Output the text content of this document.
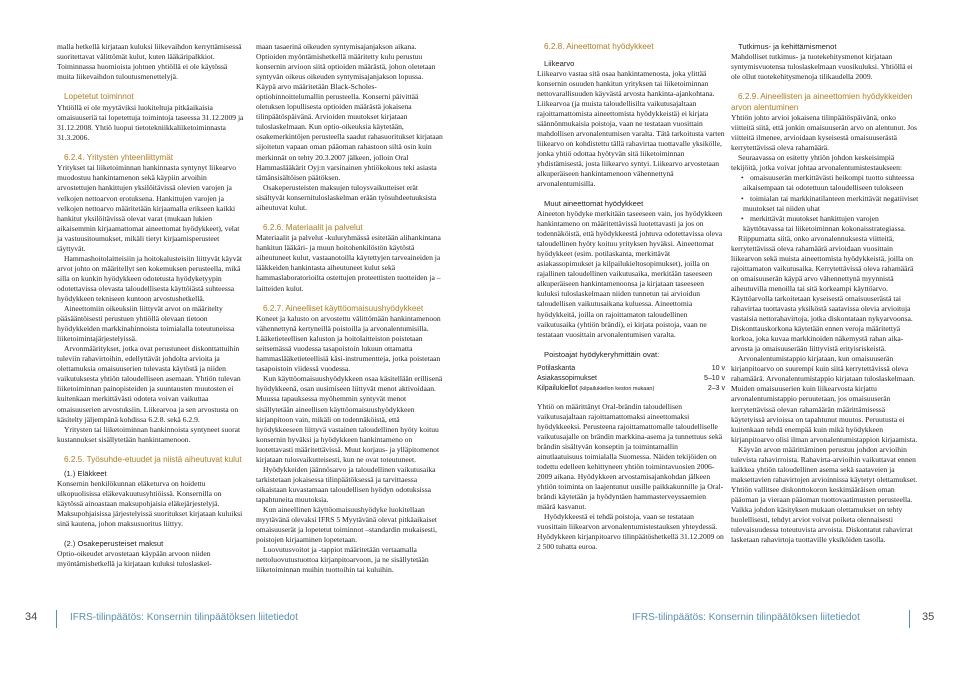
malla hetkellä kirjataan kuluksi liikevaihdon kerryttämisessä suoritettavat välittömät kulut, kuten lääkäripalkkiot. Toiminnassa huomioista johtuen yhtiöllä ei ole käytössä muita liikevaihdon tuloutusmenettelyjä.

Lopetetut toiminnot

Yhtiöllä ei ole myytäviksi luokiteltuja pitkäaikaisia omaisuuseriä tai lopetettuja toimintoja taseessa 31.12.2009 ja 31.12.2008. Yhtiö luopui tietotekniikkaliiketoiminnasta 31.3.2006.

6.2.4. Yritysten yhteenliittymät

Yritykset tai liiketoiminnan hankinnasta syntynyt liikearvo muodostuu hankintamenon sekä käypiin arvoihin arvostettujen hankittujen yksilöitävissä olevien varojen ja velkojen nettoarvon erotuksena. Hankittujen varojen ja velkojen nettoarvo määritetään kirjaamalla erikseen kaikki hankitut yksilöitävissä olevat varat (mukaan lukien aikaisemmin kirjaamattomat aineettomat hyödykkeet), velat ja vastuusitoumukset, mikäli tietyt kirjaamisperusteet täyttyvät.

Hammashoitolaitteisiin ja hoitokalusteisiin liittyvät käyvät arvot johto on määritellyt sen kokemuksen perusteella, mikä silla on kunkin hyödykkeen odotetusta hyödyketyypin odotettavissa olevasta taloudellisesta käyttöiästä suhteessa hyödykkeen tekniseen kuntoon arvostushetkellä.

Aineettomiin oikeuksiin liittyvät arvot on määritelty pääsääntöisesti perustuen yhtiöllä olevaan tietoon hyödykkeiden markkinahinnoista toimialalla toteutuneissa liiketoimintajärjestelyissä.

Arvonmääritykset, jotka ovat perustuneet diskonttattuihin tuleviin rahavirtoihin, edellyttävät johdolta arvioita ja olettamuksia omaisuuserien tulevasta käytöstä ja niiden vaikutuksesta yhtiön taloudelliseen asemaan. Yhtiön tulevan liiketoiminnan painopisteiden ja suuntausten muutosten ei kuitenkaan merkittävästi odoteta voivan vaikuttaa omaisuuserien arvostuksiin. Liikearvoa ja sen arvostusta on käsitelty jäljempänä kohdissa 6.2.8. sekä 6.2.9.

Yritysten tai liiketoiminnan hankinnoista syntyneet suorat kustannukset sisällytetään hankintamenoon.

6.2.5. Työsuhde-etuudet ja niistä aiheutuvat kulut

(1.) Eläkkeet

Konsernin henkilökunnan eläketurva on hoidettu ulkopuolisissa eläkevakuutusyhtiöissä. Konsernilla on käytössä ainoastaan maksupohjaisia eläkejärjestelyjä. Maksupohjaisissa järjestelyissä suoritukset kirjataan kuluiksi sinä kautena, johon maksusuoritus liittyy.

(2.) Osakeperusteiset maksut

Optio-oikeudet arvostetaan käypään arvoon niiden myöntämishetkellä ja kirjataan kuluksi tuloslaskel-

maan tasaerinä oikeuden syntymisajanjakson aikana. Optioiden myöntämishetkellä määritetty kulu perustuu konsernin arvioon siitä optioiden määrästä, johon oletetaan syntyvän oikeus oikeuden syntymisajanjakson lopussa. Käypä arvo määritetään Black-Scholes-optiohinnoittelumallin perusteella. Konserni päivittää oletuksen lopullisesta optioiden määrästä jokaisena tilinpäätöspäivänä. Arvioiden muutokset kirjataan tuloslaskelmaan. Kun optio-oikeuksia käytetään, osakemerkintöjen perusteella saadut rahasuoritukset kirjataan sijoitetun vapaan oman pääoman rahastoon siltä osin kuin merkinnät on tehty 20.3.2007 jälkeen, jolloin Oral Hammaslääkärit Oyj:n varsinainen yhtiökokous teki asiasta tämänsisältöisen päätöksen.

Osakeperusteisten maksujen tuloysvaikutteiset erät sisältyvät konsernituloslaskelman erään työsuhdeetuuksista aiheutuvat kulut.

6.2.6. Materiaalit ja palvelut

Materiaalit ja palvelut -kuluryhmässä esitetään alihankintana hankitun lääkäri- ja muun hoitohenkilöstön käytöstä aiheutuneet kulut, vastaanotoilla käytettyjen tarveaineiden ja lääkkeiden hankintasta aiheutuneet kulut sekä hammaslaboratorioilta ostettujen proteettisten tuotteiden ja –laitteiden kulut.

6.2.7. Aineelliset käyttöomaisuushyödykkeet

Koneet ja kalusto on arvostettu välittömään hankintamenoon vähennettynä kertyneillä poistoilla ja arvonalentumisilla. Lääketieteellisen kaluston ja hoitolaitteiston poistetaan seitsemässä vuodessa tasapoistoin lukuun ottamatta hammaslääketieteellisiä käsi-instrumentteja, jotka poistetaan tasapoistoin viidessä vuodessa.

Kun käyttöomaisuushyödykkeen osaa käsitellään erillisenä hyödykkeenä, osan uusimiseen liittyvät menot aktivoidaan. Muussa tapauksessa myöhemmin syntyvät menot sisällytetään aineellisen käyttöomaisuushyödykkeen kirjanpitoon vain, mikäli on todennäköistä, että hyödykkeeseen liittyvä vastainen taloudellinen hyöty koituu konsernin hyväksi ja hyödykkeen hankintameno on luotettavasti määritettävissä. Muut korjaus- ja ylläpitomenot kirjataan tulosvaikutteisesti, kun ne ovat toteutuneet.

Hyödykkeiden jäännösarvo ja taloudellinen vaikutusaika tarkistetaan jokaisessa tilinpäätöksessä ja tarvittaessa oikaistaan kuvastamaan taloudellisen hyödyn odotuksissa tapahtuneita muutoksia.

Kun aineellinen käyttöomaisuushyödyke luokitellaan myytävänä olevaksi IFRS 5 Myytävänä olevat pitkäaikaiset omaisuuserät ja lopetetut toiminnot –standardin mukaisesti, poistojen kirjaaminen lopetetaan.

Luovutusvoitot ja -tappiot määritetään vertaamalla nettoluovutustuottoa kirjanpitoarvoon, ja ne sisällytetään liiketoiminnan muihin tuottoihin tai kuluihin.

6.2.8. Aineettomat hyödykkeet

Liikearvo

Liikearvo vastaa sitä osaa hankintamenosta, joka ylittää konsernin osuuden hankitun yrityksen tai liiketoiminnan nettovarallisuuden käyvästä arvosta hankinta-ajankohtana. Liikearvoa (ja muista taloudellisilta vaikutusajaltaan rajoittamattomista aineettomista hyödykkeistä) ei kirjata säännönmukaisia poistoja, vaan ne testataan vuosittain mahdollisen arvonalentumisen varalta. Tätä tarkoitusta varten liikearvo on kohdistettu tällä rahavirtaa tuottavalle yksikölle, jonka yhtiö odottaa hyötyvän sitä liiketoiminnan yhdistämisestä, josta liikearvo syntyi. Liikearvo arvostetaan alkuperäiseen hankintamenoon vähennettynä arvonalentumisilla.

Muut aineettomat hyödykkeet

Aineeton hyödyke merkitään taseeseen vain, jos hyödykkeen hankintameno on määritettävissä luotettavasti ja jos on todennäköistä, että hyödykkeestä johtuva odotettavissa oleva taloudellinen hyöty koituu yrityksen hyväksi. Aineettomat hyödykkeet (esim. potilaskanta, merkittävät asiakassopimukset ja kilpailukieltosopimukset), joilla on rajallinen taloudellinen vaikutusaika, merkitään taseeseen alkuperäiseen hankintamenoonsa ja kirjataan taseeseen kuluksi tuloslaskelmaan niiden tunnetun tai arvioidun taloudellisen vaikutusaikana kuluessa. Aineettomia hyödykkeitä, joilla on rajoittamaton taloudellinen vaikutusaika (yhtiön brändi), ei kirjata poistoja, vaan ne testataan vuosittain arvonalentumisen varalta.

Poistoajat hyödykeryhmittäin ovat:

Potilaskanta	10 v
Asiakassopimukset	5–10 v
Kilpailukiellot (kilpailukiellon keston mukaan)	2–3 v

Yhtiö on määrittänyt Oral-brändin taloudellisen vaikutusajaltaan rajoittamattomaksi aineettomaksi hyödykkeeksi. Perusteena rajoittamattomalle taloudelliselle vaikutusajalle on brändin markkina-asema ja tunnettuus sekä brändin sisältyvän konseptin ja toimintamallin ainutlaatuisuus toimialalla Suomessa. Näiden tekijöiden on todettu edelleen kehittyneen yhtiön toimintavuosien 2006-2009 aikana. Hyödykkeen arvostamisajankohdan jälkeen yhtiön toiminta on laajentunut uusille paikkakunnille ja Oral-brändi käytetään ja hyödyntäen hammasterveyssaemien määrä kasvanut.

Hyödykkeestä ei tehdä poistoja, vaan se testataan vuosittain liikearvon arvonalentumistestauksen yhteydessä. Hyödykkeen kirjanpitoarvo tilinpäätöshetkellä 31.12.2009 on 2 500 tuhatta euroa.

Tutkimus- ja kehittämismenot

Mahdolliset tutkimus- ja tuotekehitysmenot kirjataan syntymisvuotensa tuloslaskelmaan vuosikuluksi. Yhtiöllä ei ole ollut tuotekehitysmenoja tilikaudella 2009.

6.2.9. Aineellisten ja aineettomien hyödykkeiden arvon alentuminen

Yhtiön johto arvioi jokaisena tilinpäätöspäivänä, onko viitteitä siitä, että jonkin omaisuuserän arvo on alentunut. Jos viitteitä ilmenee, arvioidaan kyseisestä omaisuuserästä kerrytettävissä oleva rahamäärä.

Seuraavassa on esitetty yhtiön johdon keskeisimpiä tekijöitä, jotka voivat johtaa arvonalentumistestaukseen:

• omaisuuserän merkittävästi heikompi tuotto suhteessa aikaisempaan tai odotettuun taloudelliseen tulokseen

• toimialan tai markkinatilanteen merkittävät negatiiviset muutokset tai niiden uhat

• merkittävät muutokset hankittujen varojen käyttötavassa tai liiketoiminnan kokonaisstrategiassa.

Riippumatta siitä, onko arvonalennuksesta viitteitä, kerrytettävissä oleva rahamäärä arvioidaan vuosittain liikearvon sekä muista aineettomista hyödykkeistä, joilla on rajoittamaton vaikutusaika. Kerrytettävissä oleva rahamäärä on omaisuuserän käypä arvo vähennettynä myynnistä aiheutuvilla menoilla tai sitä korkeampi käyttöarvo. Käyttöarvolla tarkoitetaan kyseisestä omaisuuserästä tai rahavirtaa tuottavasta yksiköstä saatavissa olevia arvioituja vastaisia nettorahavirtoja, jotka diskontataan nykyarvoonsa. Diskonttauskorkona käytetään ennen veroja määritettyä korkoa, joka kuvaa markkinoiden näkemystä rahan aika-arvosta ja omaisuuserään liittyvistä erityisriskeistä.

Arvonalentumistappio kirjataan, kun omaisuuserän kirjanpitoarvo on suurempi kuin siitä kerrytettävissä oleva rahamäärä. Arvonalentumistappio kirjataan tuloslaskelmaan. Muiden omaisuuserien kuin liikearvosta kirjattu arvonalentumistappio peruutetaan, jos omaisuuserän kerrytettävissä olevan rahamäärän määrittämisessä käytetyissä arvioissa on tapahtunut muutos. Peruutusta ei kuitenkaan tehdä enempää kuin mikä hyödykkeen kirjanpitoarvo olisi ilman arvonalentumistappion kirjaamista.

Käyvän arvon määrittäminen perustuu johdon arvioihin tulevista rahavirroista. Rahavirta-arvioihin vaikuttavat ennen kaikkea yhtiön taloudellinen asema sekä saataveien ja maksettavien rahavirtojen arvioinnissa käytetyt olettamukset. Yhtiön vallitsee diskonttokoron keskimääräisen oman pääoman ja vieraan pääoman tuottovaatimusten perusteella. Vaikka johdon käsityksen mukaan olettamukset on tehty huolellisesti, tehdyt arviot voivat poiketa olennaisesti tulevaisuudessa toteutuvista arvoista. Diskontatut rahavirrat lasketaan rahavirtoja tuottaville yksiköiden tasolla.

34	IFRS-tilinpäätös: Konsernin tilinpäätöksen liitetiedot	IFRS-tilinpäätös: Konsernin tilinpäätöksen liitetiedot	35
